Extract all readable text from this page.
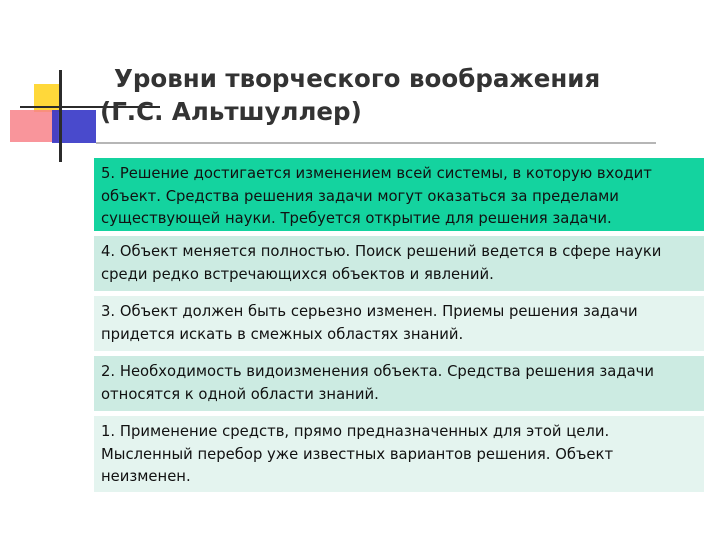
Уровни творческого воображения
(Г.С. Альтшуллер)
5. Решение достигается изменением всей системы, в которую входит объект. Средства решения задачи могут оказаться за пределами существующей науки. Требуется открытие для решения задачи.
4. Объект меняется полностью. Поиск решений ведется в сфере науки среди редко встречающихся объектов и явлений.
3. Объект должен быть серьезно изменен. Приемы решения задачи придется искать в смежных областях знаний.
2. Необходимость видоизменения объекта. Средства решения задачи относятся к одной области знаний.
1. Применение средств, прямо предназначенных для этой цели. Мысленный перебор уже известных вариантов решения. Объект неизменен.
